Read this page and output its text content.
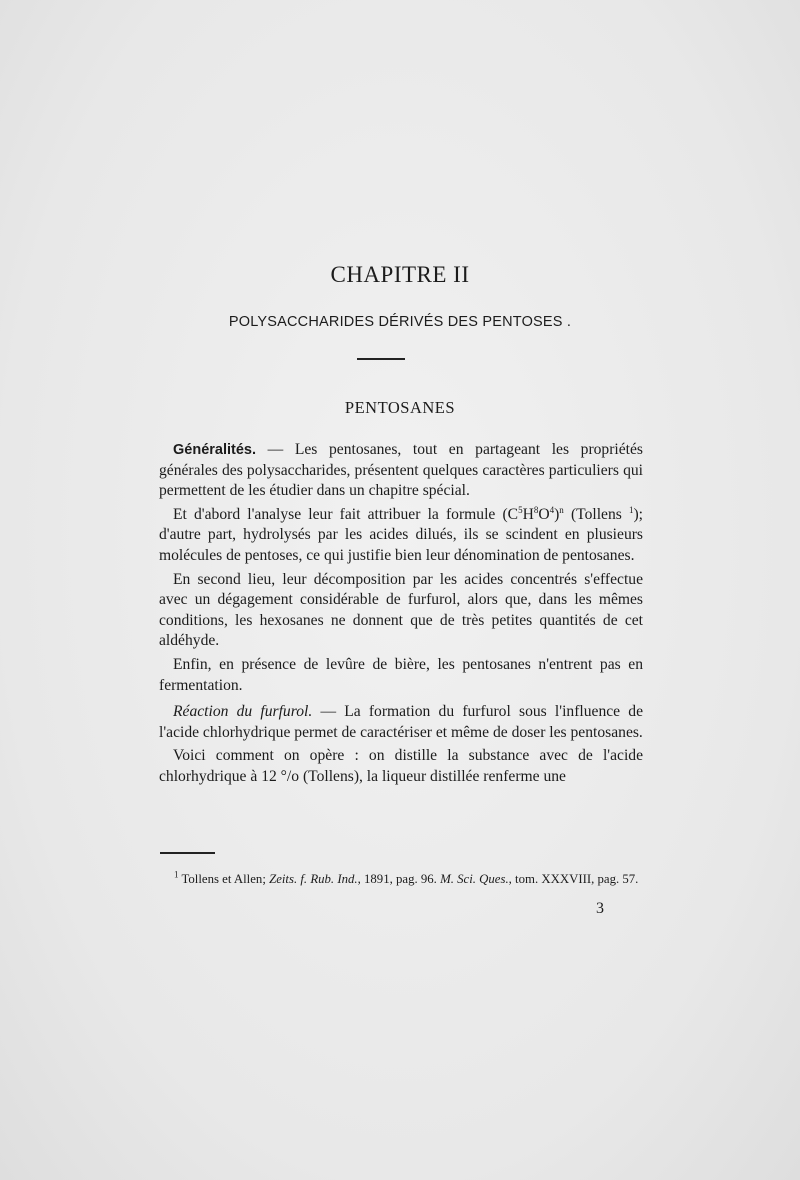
CHAPITRE II
POLYSACCHARIDES DÉRIVÉS DES PENTOSES .
PENTOSANES

Généralités. — Les pentosanes, tout en partageant les propriétés générales des polysaccharides, présentent quelques caractères particuliers qui permettent de les étudier dans un chapitre spécial.

Et d'abord l'analyse leur fait attribuer la formule $(C^5H^8O^4)^n$ (Tollens $^1$); d'autre part, hydrolysés par les acides dilués, ils se scindent en plusieurs molécules de pentoses, ce qui justifie bien leur dénomination de pentosanes.

En second lieu, leur décomposition par les acides concentrés s'effectue avec un dégagement considérable de furfurol, alors que, dans les mêmes conditions, les hexosanes ne donnent que de très petites quantités de cet aldéhyde.

Enfin, en présence de levûre de bière, les pentosanes n'entrent pas en fermentation.

Réaction du furfurol. — La formation du furfurol sous l'influence de l'acide chlorhydrique permet de caractériser et même de doser les pentosanes.

Voici comment on opère : on distille la substance avec de l'acide chlorhydrique à 12 °/o (Tollens), la liqueur distillée renferme une

$^1$ Tollens et Allen; Zeits. f. Rub. Ind., 1891, pag. 96. M. Sci. Ques., tom. XXXVIII, pag. 57.
3
